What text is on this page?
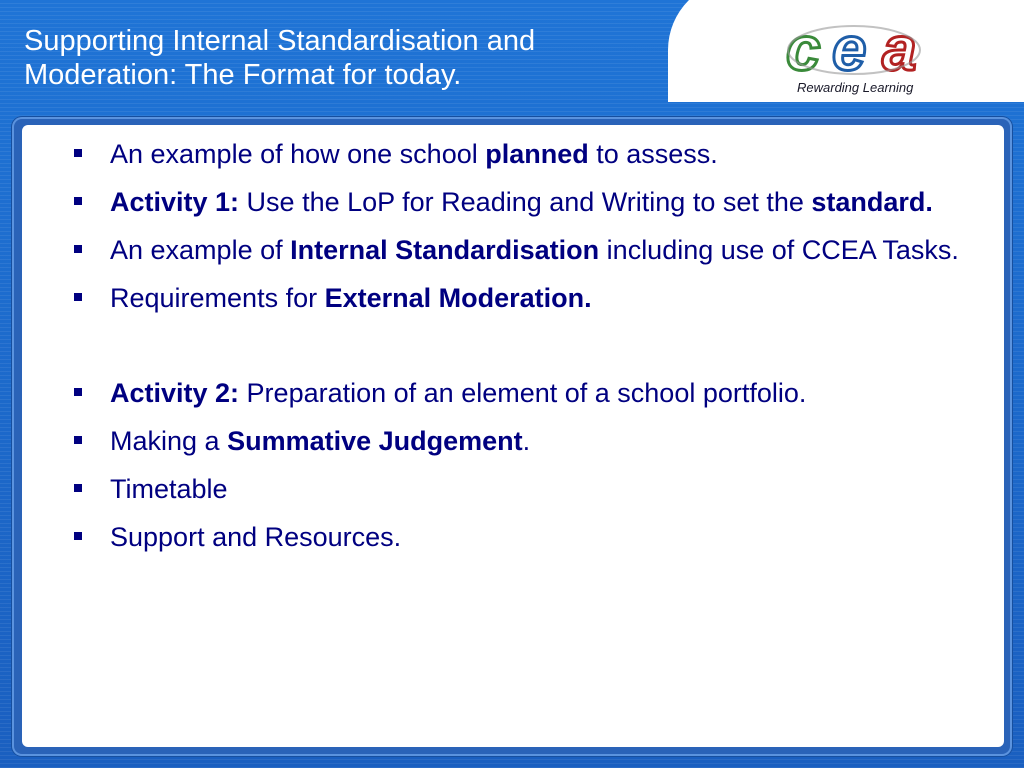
Supporting Internal Standardisation and
Moderation: The Format for today.	c e a
Rewarding Learning
An example of how one school planned to assess.
Activity 1: Use the LoP for Reading and Writing to set the standard.
An example of Internal Standardisation including use of CCEA Tasks.
Requirements for External Moderation.
Activity 2: Preparation of an element of a school portfolio.
Making a Summative Judgement.
Timetable
Support and Resources.
